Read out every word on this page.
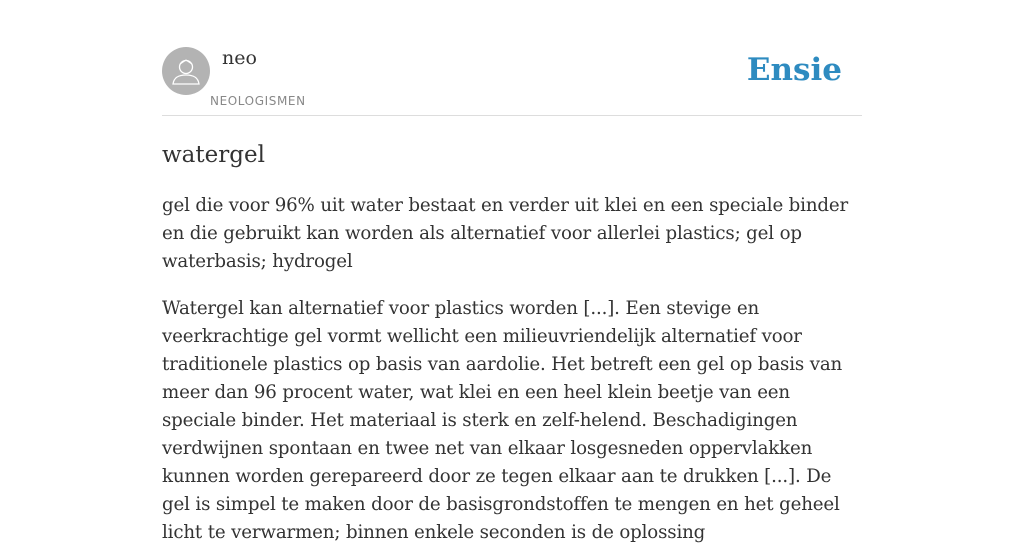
neo
NEOLOGISMEN
Ensie
watergel

gel die voor 96% uit water bestaat en verder uit klei en een speciale binder en die gebruikt kan worden als alternatief voor allerlei plastics; gel op waterbasis; hydrogel

Watergel kan alternatief voor plastics worden [...]. Een stevige en veerkrachtige gel vormt wellicht een milieuvriendelijk alternatief voor traditionele plastics op basis van aardolie. Het betreft een gel op basis van meer dan 96 procent water, wat klei en een heel klein beetje van een speciale binder. Het materiaal is sterk en zelf-helend. Beschadigingen verdwijnen spontaan en twee net van elkaar losgesneden oppervlakken kunnen worden gerepareerd door ze tegen elkaar aan te drukken [...]. De gel is simpel te maken door de basisgrondstoffen te mengen en het geheel licht te verwarmen; binnen enkele seconden is de oplossing
